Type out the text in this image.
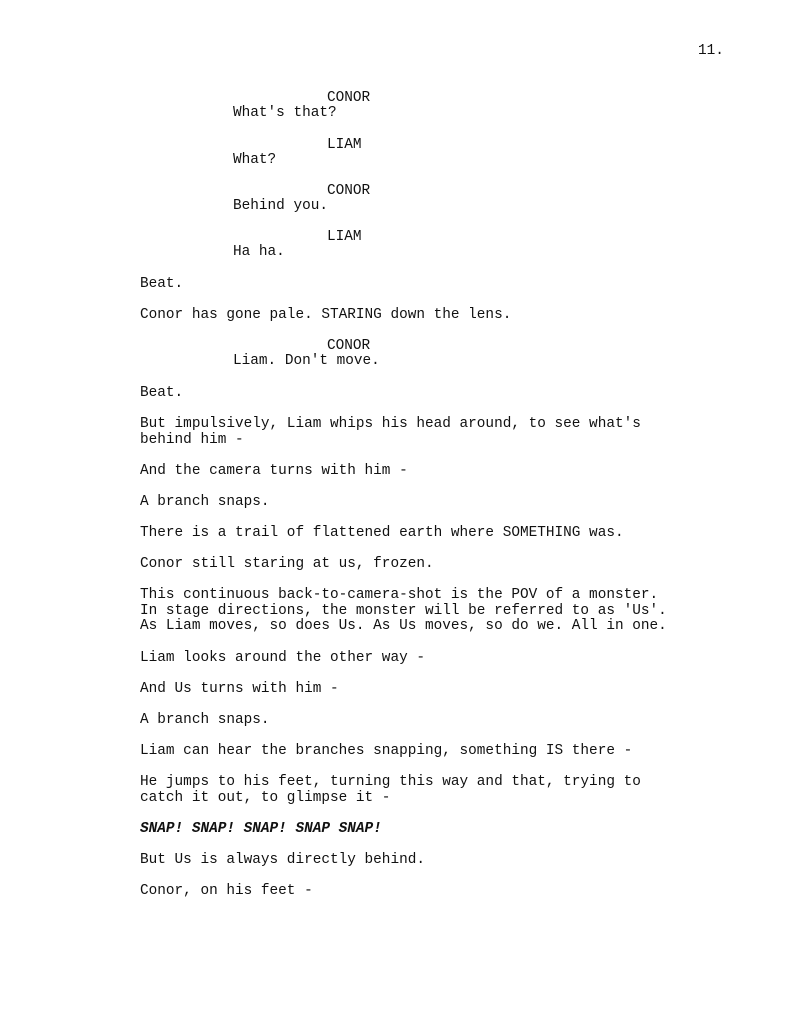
11.
CONOR
What's that?
LIAM
What?
CONOR
Behind you.
LIAM
Ha ha.
Beat.
Conor has gone pale. STARING down the lens.
CONOR
Liam. Don't move.
Beat.
But impulsively, Liam whips his head around, to see what's
behind him -
And the camera turns with him -
A branch snaps.
There is a trail of flattened earth where SOMETHING was.
Conor still staring at us, frozen.
This continuous back-to-camera-shot is the POV of a monster.
In stage directions, the monster will be referred to as 'Us'.
As Liam moves, so does Us. As Us moves, so do we. All in one.
Liam looks around the other way -
And Us turns with him -
A branch snaps.
Liam can hear the branches snapping, something IS there -
He jumps to his feet, turning this way and that, trying to
catch it out, to glimpse it -
SNAP! SNAP! SNAP! SNAP SNAP!
But Us is always directly behind.
Conor, on his feet -
